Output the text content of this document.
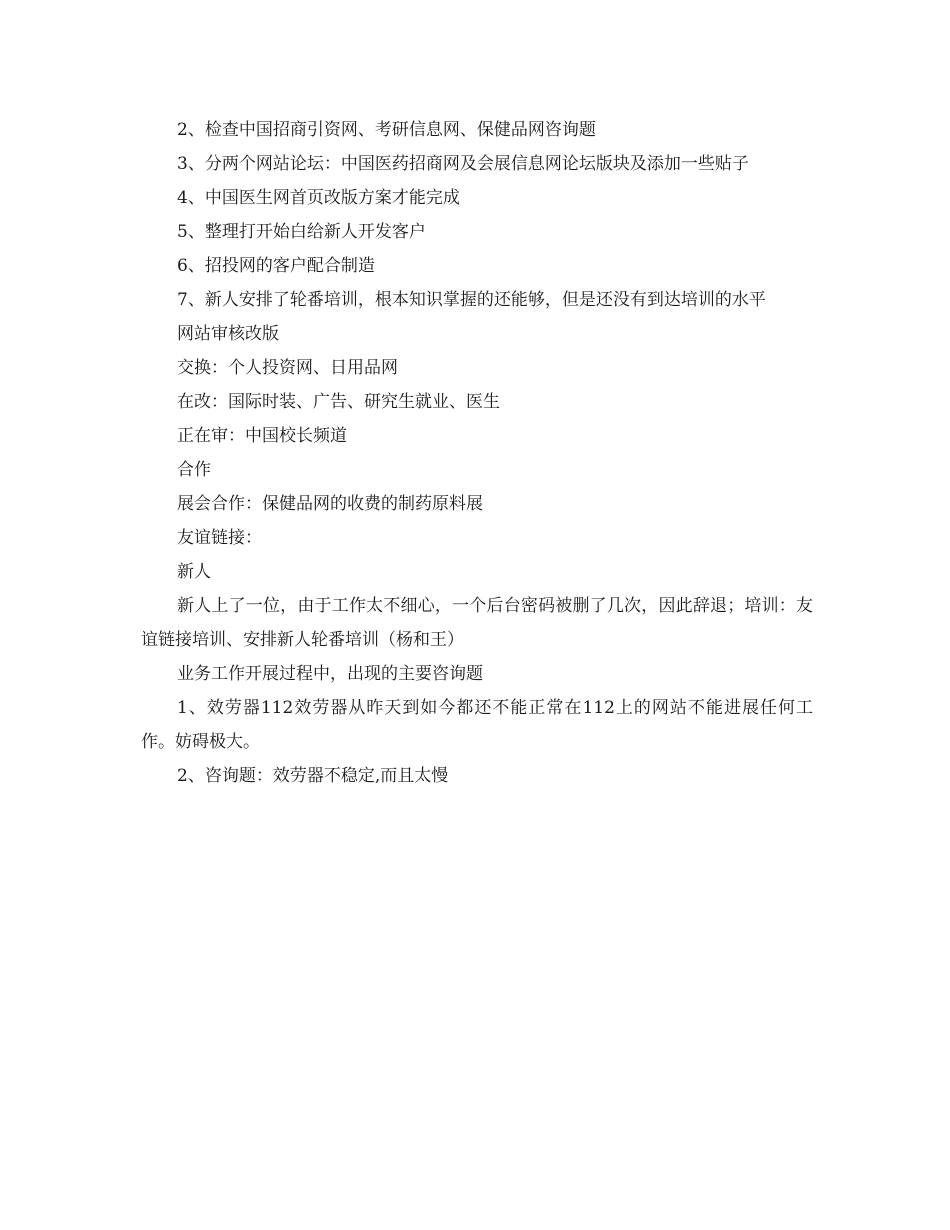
2、检查中国招商引资网、考研信息网、保健品网咨询题

3、分两个网站论坛：中国医药招商网及会展信息网论坛版块及添加一些贴子

4、中国医生网首页改版方案才能完成

5、整理打开始白给新人开发客户

6、招投网的客户配合制造

7、新人安排了轮番培训，根本知识掌握的还能够，但是还没有到达培训的水平

网站审核改版

交换：个人投资网、日用品网

在改：国际时装、广告、研究生就业、医生

正在审：中国校长频道

合作

展会合作：保健品网的收费的制药原料展

友谊链接：

新人

新人上了一位，由于工作太不细心，一个后台密码被删了几次，因此辞退；培训：友谊链接培训、安排新人轮番培训（杨和王）

业务工作开展过程中，出现的主要咨询题

1、效劳器112效劳器从昨天到如今都还不能正常在112上的网站不能进展任何工作。妨碍极大。

2、咨询题：效劳器不稳定,而且太慢
